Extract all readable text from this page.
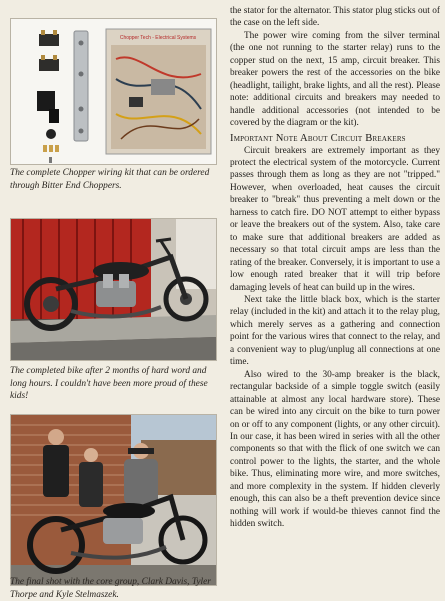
Chopper Tech - Electrical Systems
The complete Chopper wiring kit that can be ordered through Bitter End Choppers.
The completed bike after 2 months of hard word and long hours. I couldn't have been more proud of these kids!
The final shot with the core group, Clark Davis, Tyler Thorpe and Kyle Stelmaszek.

the stator for the alternator. This stator plug sticks out of the case on the left side.

The power wire coming from the silver terminal (the one not running to the starter relay) runs to the copper stud on the next, 15 amp, circuit breaker. This breaker powers the rest of the accessories on the bike (headlight, tailight, brake lights, and all the rest). Please note: additional circuits and breakers may needed to handle additional accessories (not intended to be covered by the diagram or the kit).

Important Note About Circuit Breakers

Circuit breakers are extremely important as they protect the electrical system of the motorcycle. Current passes through them as long as they are not "tripped." However, when overloaded, heat causes the circuit breaker to "break" thus preventing a melt down or the harness to catch fire. DO NOT attempt to either bypass or leave the breakers out of the system. Also, take care to make sure that additional breakers are added as necessary so that total circuit amps are less than the rating of the breaker. Conversely, it is important to use a low enough rated breaker that it will trip before damaging levels of heat can build up in the wires.

Next take the little black box, which is the starter relay (included in the kit) and attach it to the relay plug, which merely serves as a gathering and connection point for the various wires that connect to the relay, and a convenient way to plug/unplug all connections at one time.

Also wired to the 30-amp breaker is the black, rectangular backside of a simple toggle switch (easily attainable at almost any local hardware store). These can be wired into any circuit on the bike to turn power on or off to any component (lights, or any other circuit). In our case, it has been wired in series with all the other components so that with the flick of one switch we can control power to the lights, the starter, and the whole bike. Thus, eliminating more wire, and more switches, and more complexity in the system. If hidden cleverly enough, this can also be a theft prevention device since nothing will work if would-be thieves cannot find the hidden switch.
